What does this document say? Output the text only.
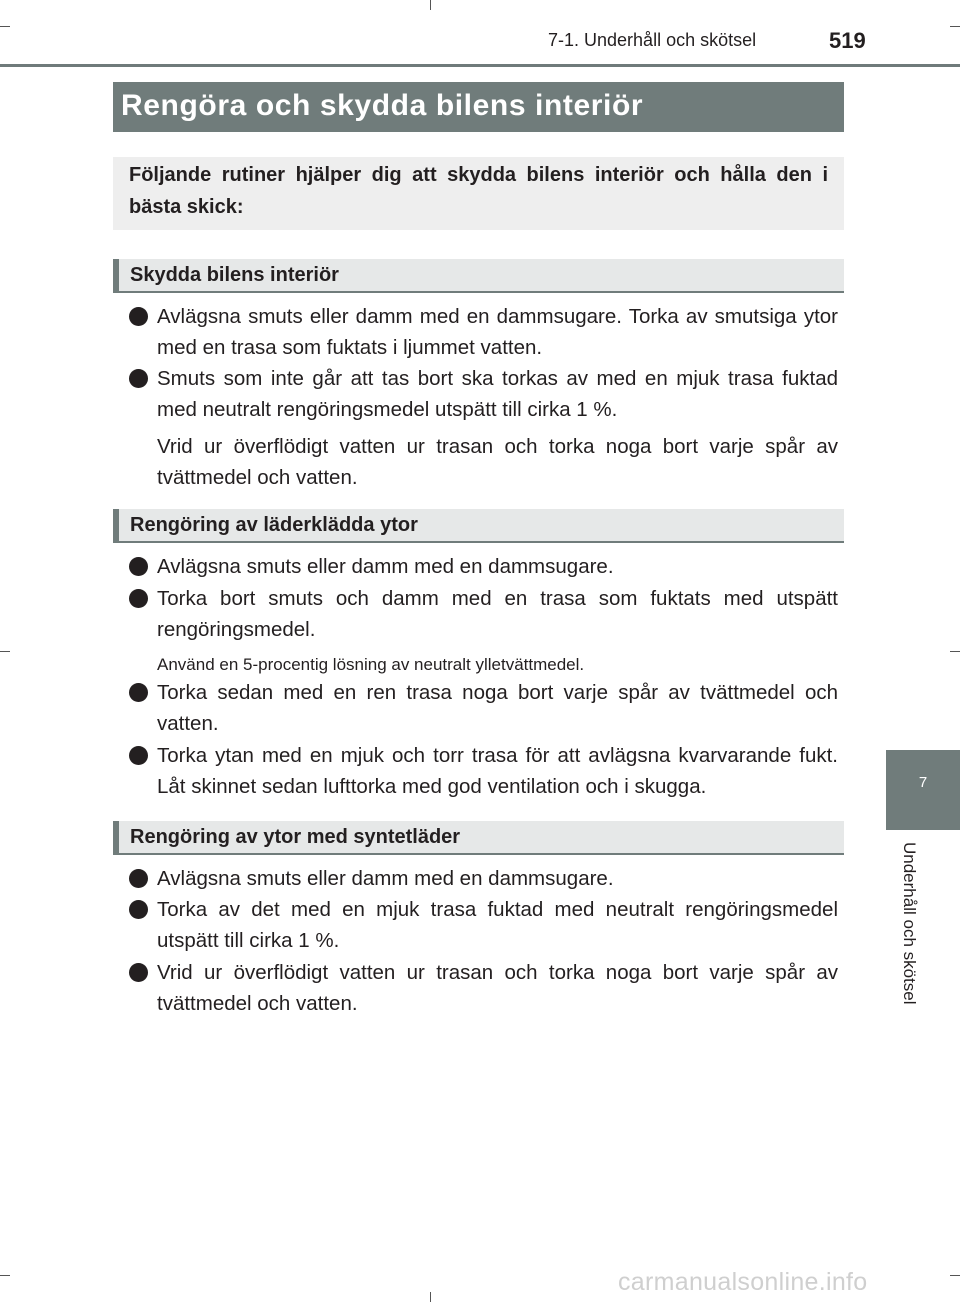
7-1. Underhåll och skötsel	519
Rengöra och skydda bilens interiör
Följande rutiner hjälper dig att skydda bilens interiör och hålla den i bästa skick:
Skydda bilens interiör
Avlägsna smuts eller damm med en dammsugare. Torka av smutsiga ytor med en trasa som fuktats i ljummet vatten.
Smuts som inte går att tas bort ska torkas av med en mjuk trasa fuktad med neutralt rengöringsmedel utspätt till cirka 1 %.
Vrid ur överflödigt vatten ur trasan och torka noga bort varje spår av tvättmedel och vatten.
Rengöring av läderklädda ytor
Avlägsna smuts eller damm med en dammsugare.
Torka bort smuts och damm med en trasa som fuktats med utspätt rengöringsmedel.
Använd en 5-procentig lösning av neutralt ylletvättmedel.
Torka sedan med en ren trasa noga bort varje spår av tvättmedel och vatten.
Torka ytan med en mjuk och torr trasa för att avlägsna kvarvarande fukt. Låt skinnet sedan lufttorka med god ventilation och i skugga.
Rengöring av ytor med syntetläder
Avlägsna smuts eller damm med en dammsugare.
Torka av det med en mjuk trasa fuktad med neutralt rengöringsmedel utspätt till cirka 1 %.
Vrid ur överflödigt vatten ur trasan och torka noga bort varje spår av tvättmedel och vatten.
7
Underhåll och skötsel
carmanualsonline.info
